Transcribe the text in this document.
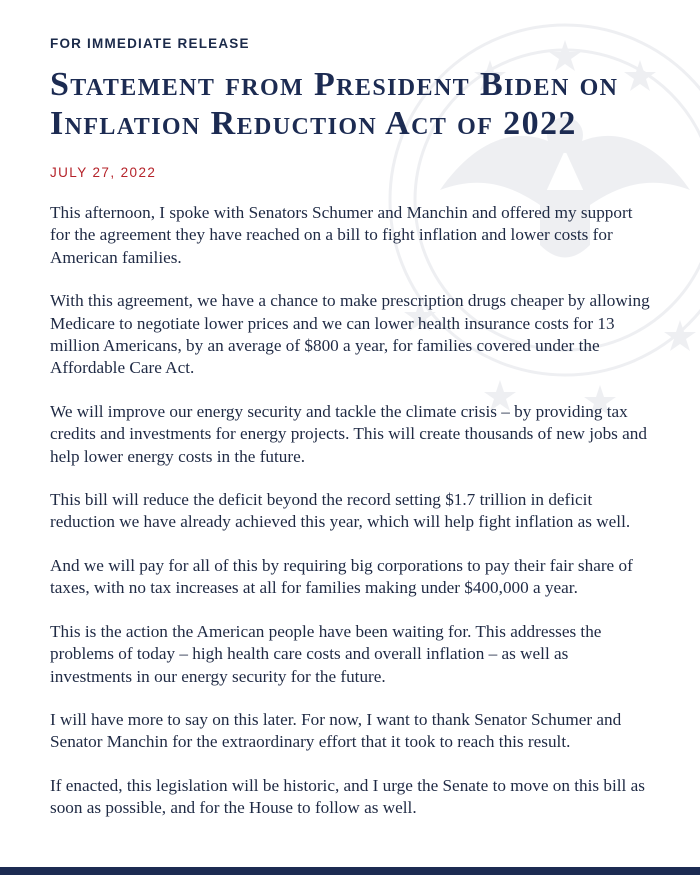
FOR IMMEDIATE RELEASE
Statement from President Biden on Inflation Reduction Act of 2022
JULY 27, 2022

This afternoon, I spoke with Senators Schumer and Manchin and offered my support for the agreement they have reached on a bill to fight inflation and lower costs for American families.

With this agreement, we have a chance to make prescription drugs cheaper by allowing Medicare to negotiate lower prices and we can lower health insurance costs for 13 million Americans, by an average of $800 a year, for families covered under the Affordable Care Act.

We will improve our energy security and tackle the climate crisis – by providing tax credits and investments for energy projects. This will create thousands of new jobs and help lower energy costs in the future.

This bill will reduce the deficit beyond the record setting $1.7 trillion in deficit reduction we have already achieved this year, which will help fight inflation as well.

And we will pay for all of this by requiring big corporations to pay their fair share of taxes, with no tax increases at all for families making under $400,000 a year.

This is the action the American people have been waiting for. This addresses the problems of today – high health care costs and overall inflation – as well as investments in our energy security for the future.

I will have more to say on this later. For now, I want to thank Senator Schumer and Senator Manchin for the extraordinary effort that it took to reach this result.

If enacted, this legislation will be historic, and I urge the Senate to move on this bill as soon as possible, and for the House to follow as well.
